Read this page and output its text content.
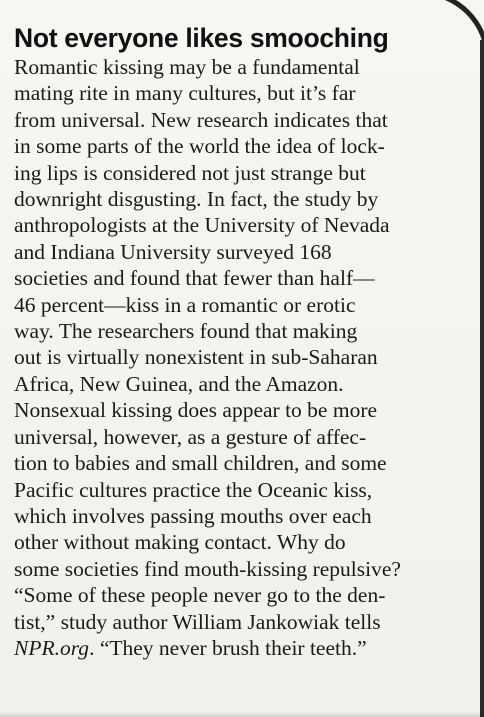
Not everyone likes smooching
Romantic kissing may be a fundamental
mating rite in many cultures, but it’s far
from universal. New research indicates that
in some parts of the world the idea of lock-
ing lips is considered not just strange but
downright disgusting. In fact, the study by
anthropologists at the University of Nevada
and Indiana University surveyed 168
societies and found that fewer than half—
46 percent—kiss in a romantic or erotic
way. The researchers found that making
out is virtually nonexistent in sub-Saharan
Africa, New Guinea, and the Amazon.
Nonsexual kissing does appear to be more
universal, however, as a gesture of affec-
tion to babies and small children, and some
Pacific cultures practice the Oceanic kiss,
which involves passing mouths over each
other without making contact. Why do
some societies find mouth-kissing repulsive?
“Some of these people never go to the den-
tist,” study author William Jankowiak tells
NPR.org. “They never brush their teeth.”
